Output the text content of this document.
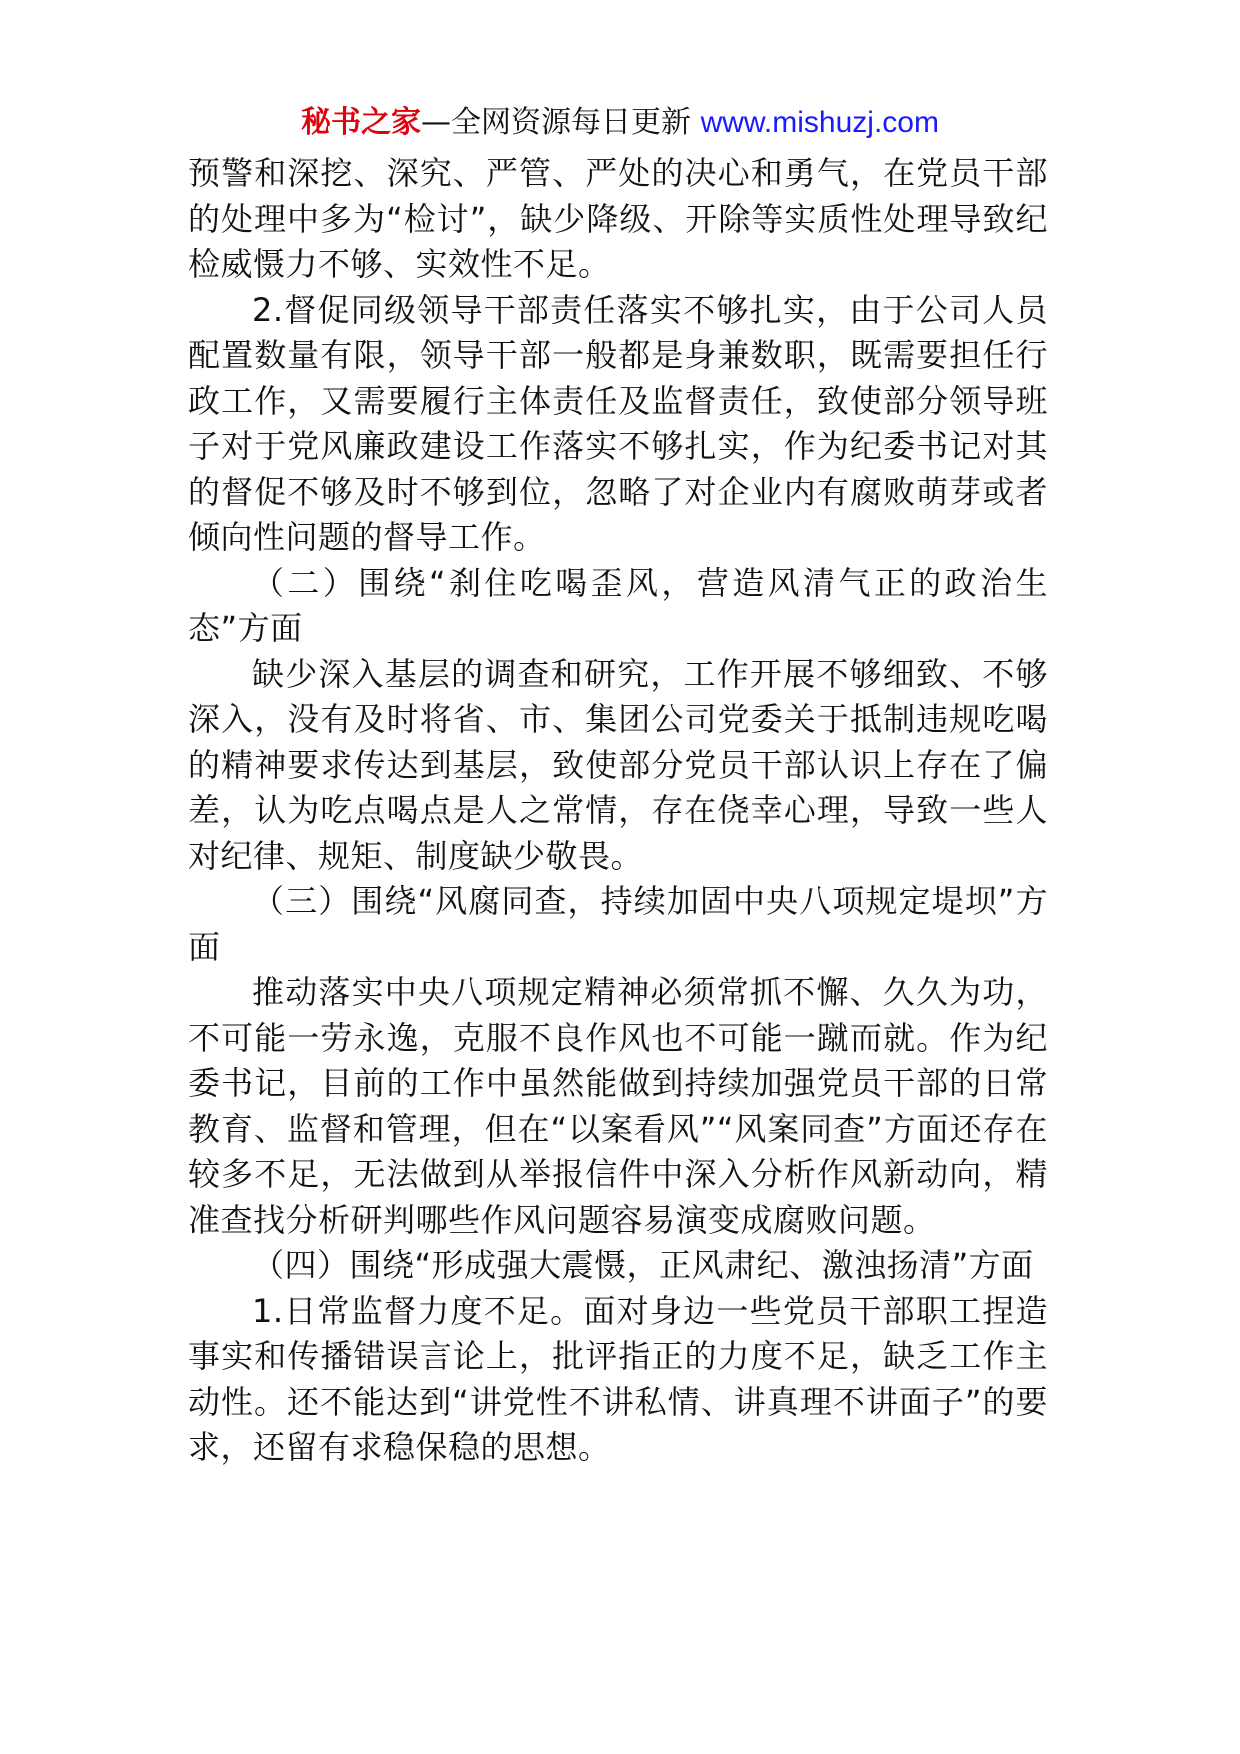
秘书之家—全网资源每日更新 www.mishuzj.com

预警和深挖、深究、严管、严处的决心和勇气，在党员干部的处理中多为“检讨”，缺少降级、开除等实质性处理导致纪检威慑力不够、实效性不足。

2.督促同级领导干部责任落实不够扎实，由于公司人员配置数量有限，领导干部一般都是身兼数职，既需要担任行政工作，又需要履行主体责任及监督责任，致使部分领导班子对于党风廉政建设工作落实不够扎实，作为纪委书记对其的督促不够及时不够到位，忽略了对企业内有腐败萌芽或者倾向性问题的督导工作。

（二）围绕“刹住吃喝歪风，营造风清气正的政治生态”方面

缺少深入基层的调查和研究，工作开展不够细致、不够深入，没有及时将省、市、集团公司党委关于抵制违规吃喝的精神要求传达到基层，致使部分党员干部认识上存在了偏差，认为吃点喝点是人之常情，存在侥幸心理，导致一些人对纪律、规矩、制度缺少敬畏。

（三）围绕“风腐同查，持续加固中央八项规定堤坝”方面

推动落实中央八项规定精神必须常抓不懈、久久为功，不可能一劳永逸，克服不良作风也不可能一蹴而就。作为纪委书记，目前的工作中虽然能做到持续加强党员干部的日常教育、监督和管理，但在“以案看风”“风案同查”方面还存在较多不足，无法做到从举报信件中深入分析作风新动向，精准查找分析研判哪些作风问题容易演变成腐败问题。

（四）围绕“形成强大震慑，正风肃纪、激浊扬清”方面

1.日常监督力度不足。面对身边一些党员干部职工捏造事实和传播错误言论上，批评指正的力度不足，缺乏工作主动性。还不能达到“讲党性不讲私情、讲真理不讲面子”的要求，还留有求稳保稳的思想。
